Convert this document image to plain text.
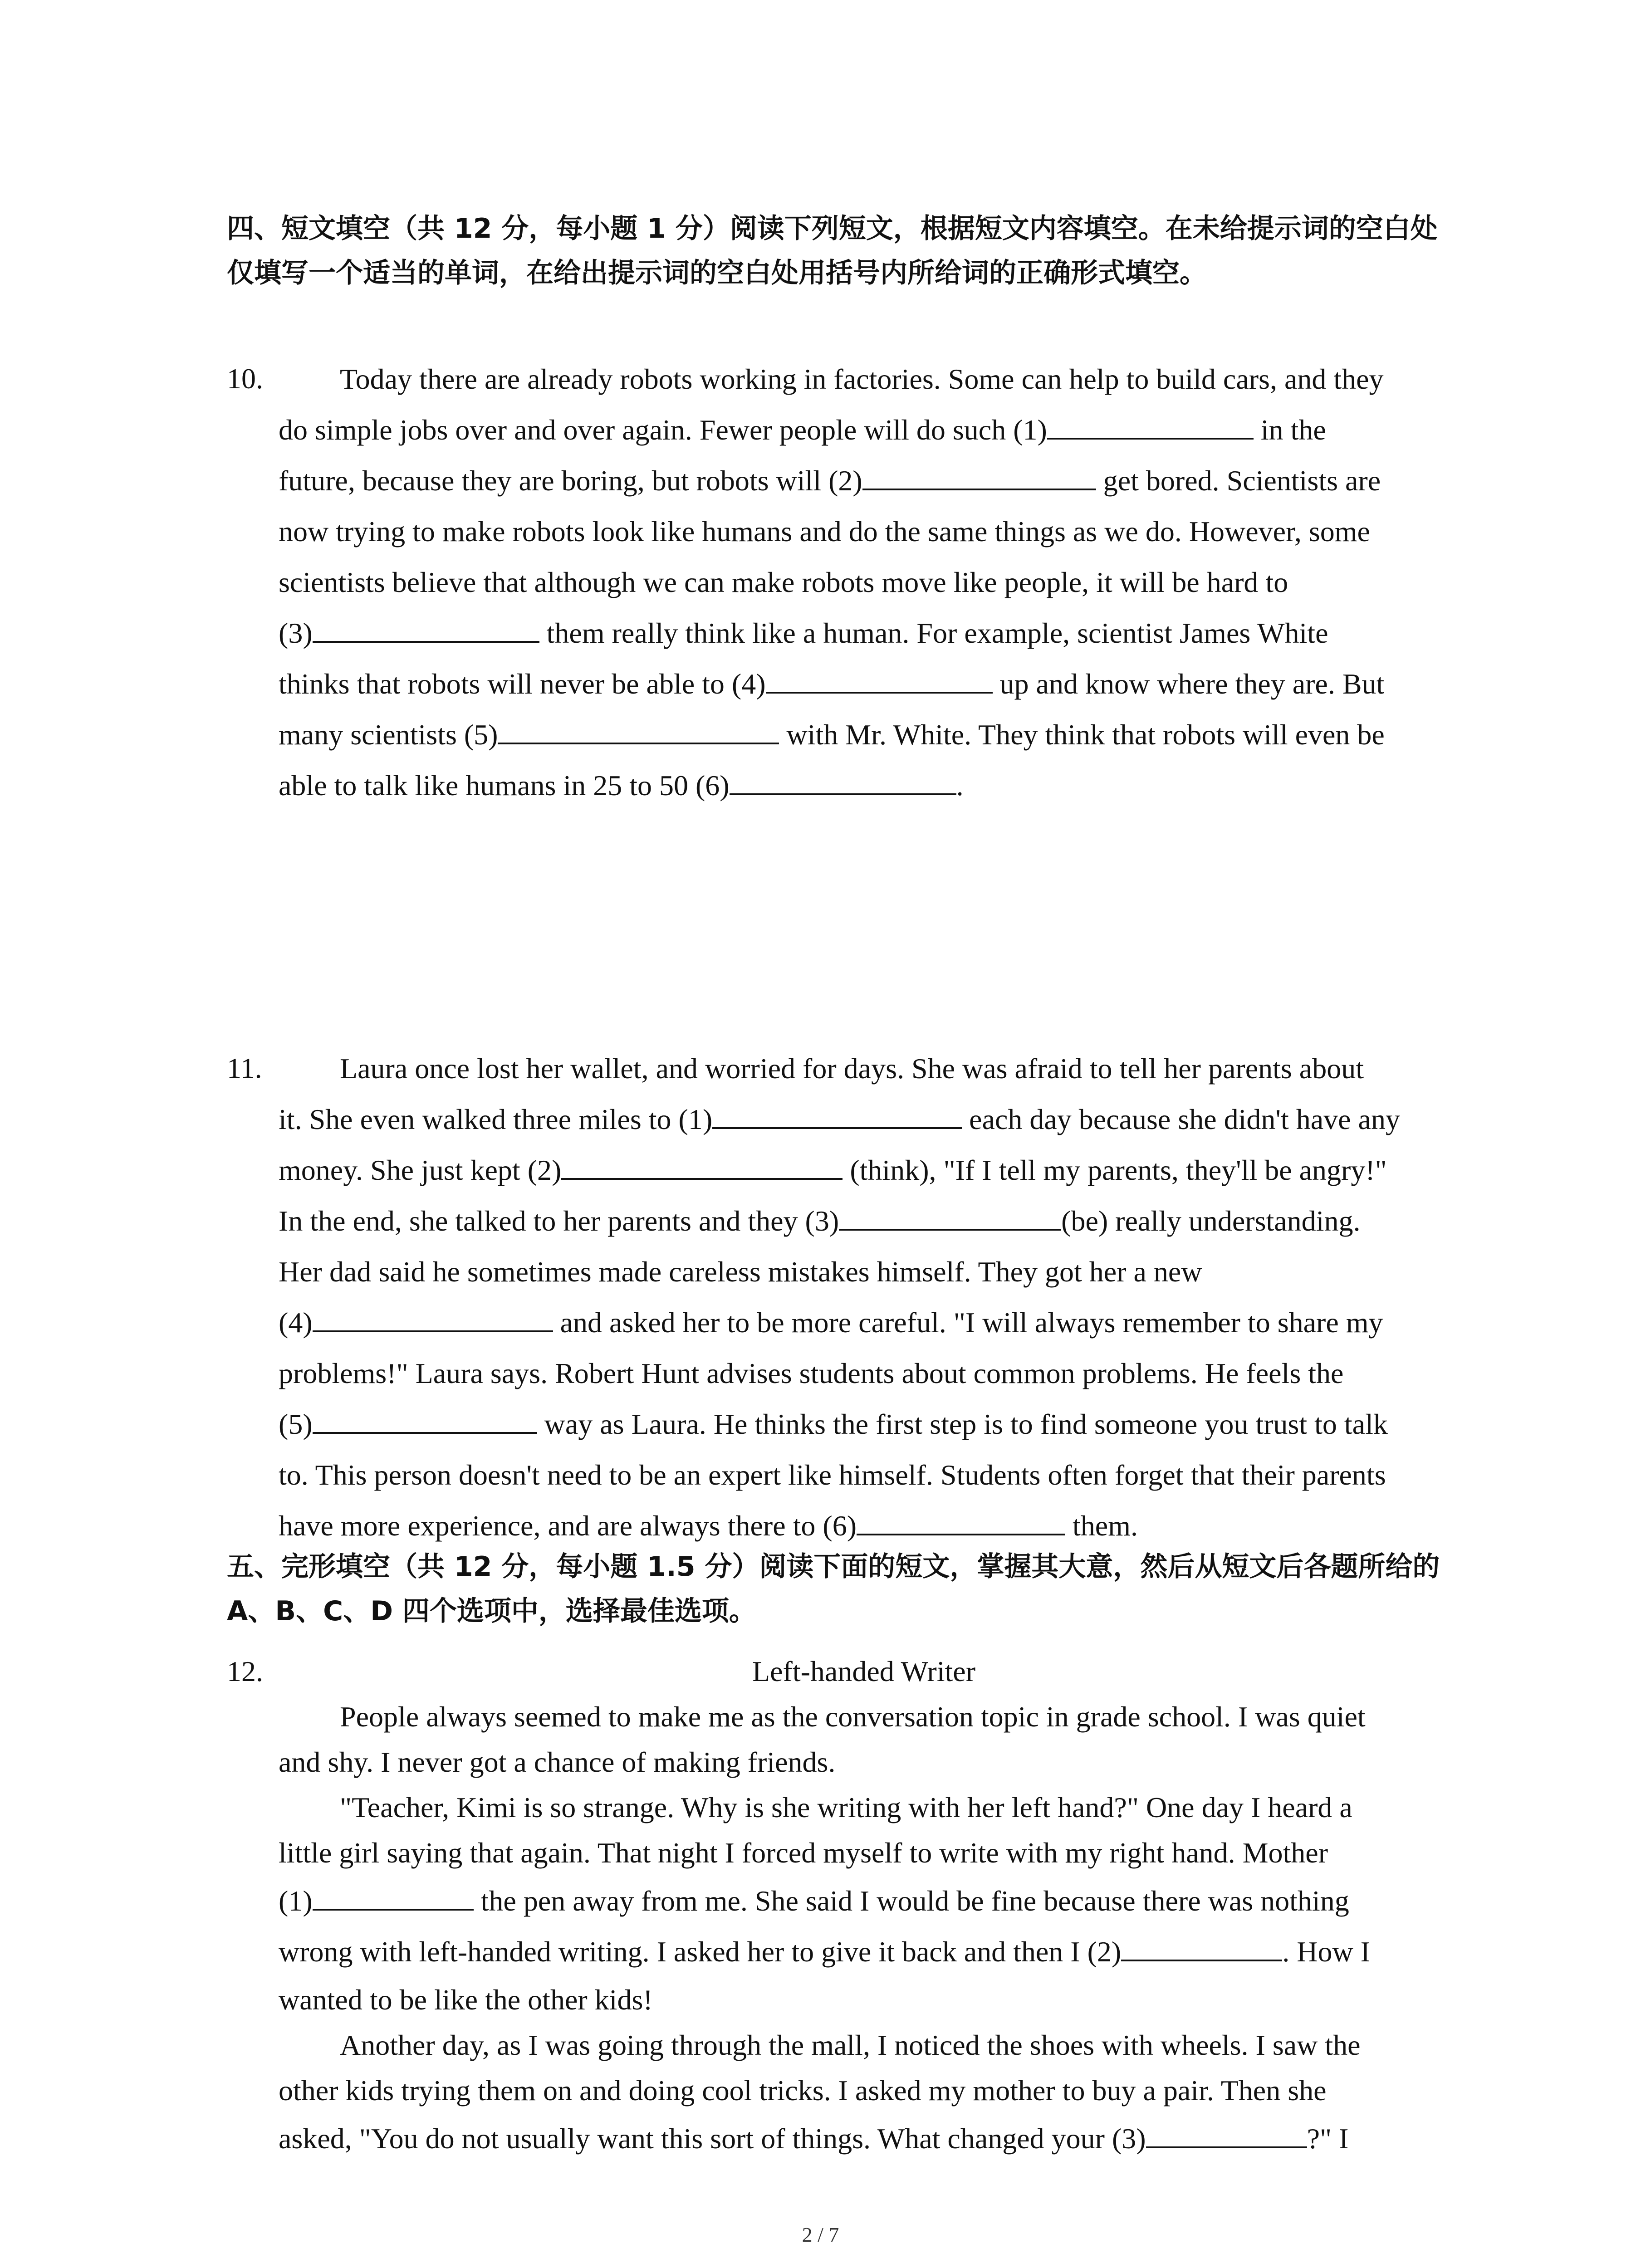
四、短文填空（共 12 分，每小题 1 分）阅读下列短文，根据短文内容填空。在未给提示词的空白处仅填写一个适当的单词，在给出提示词的空白处用括号内所给词的正确形式填空。
10.	Today there are already robots working in factories. Some can help to build cars, and they
do simple jobs over and over again. Fewer people will do such (1)	in the
future, because they are boring, but robots will (2)	get bored. Scientists are
now trying to make robots look like humans and do the same things as we do. However, some
scientists believe that although we can make robots move like people, it will be hard to
(3)	them really think like a human. For example, scientist James White
thinks that robots will never be able to (4)	up and know where they are. But
many scientists (5)	with Mr. White. They think that robots will even be
able to talk like humans in 25 to 50 (6)	.
11.	Laura once lost her wallet, and worried for days. She was afraid to tell her parents about
it. She even walked three miles to (1)	each day because she didn't have any
money. She just kept (2)	(think), "If I tell my parents, they'll be angry!"
In the end, she talked to her parents and they (3)	(be) really understanding.
Her dad said he sometimes made careless mistakes himself. They got her a new
(4)	and asked her to be more careful. "I will always remember to share my
problems!" Laura says. Robert Hunt advises students about common problems. He feels the
(5)	way as Laura. He thinks the first step is to find someone you trust to talk
to. This person doesn't need to be an expert like himself. Students often forget that their parents
have more experience, and are always there to (6)	them.
五、完形填空（共 12 分，每小题 1.5 分）阅读下面的短文，掌握其大意，然后从短文后各题所给的 A、B、C、D 四个选项中，选择最佳选项。
12.	Left-handed Writer
People always seemed to make me as the conversation topic in grade school. I was quiet
and shy. I never got a chance of making friends.
"Teacher, Kimi is so strange. Why is she writing with her left hand?" One day I heard a
little girl saying that again. That night I forced myself to write with my right hand. Mother
(1)	the pen away from me. She said I would be fine because there was nothing
wrong with left-handed writing. I asked her to give it back and then I (2)	. How I
wanted to be like the other kids!
Another day, as I was going through the mall, I noticed the shoes with wheels. I saw the
other kids trying them on and doing cool tricks. I asked my mother to buy a pair. Then she
asked, "You do not usually want this sort of things. What changed your (3)	?" I
2 / 7
